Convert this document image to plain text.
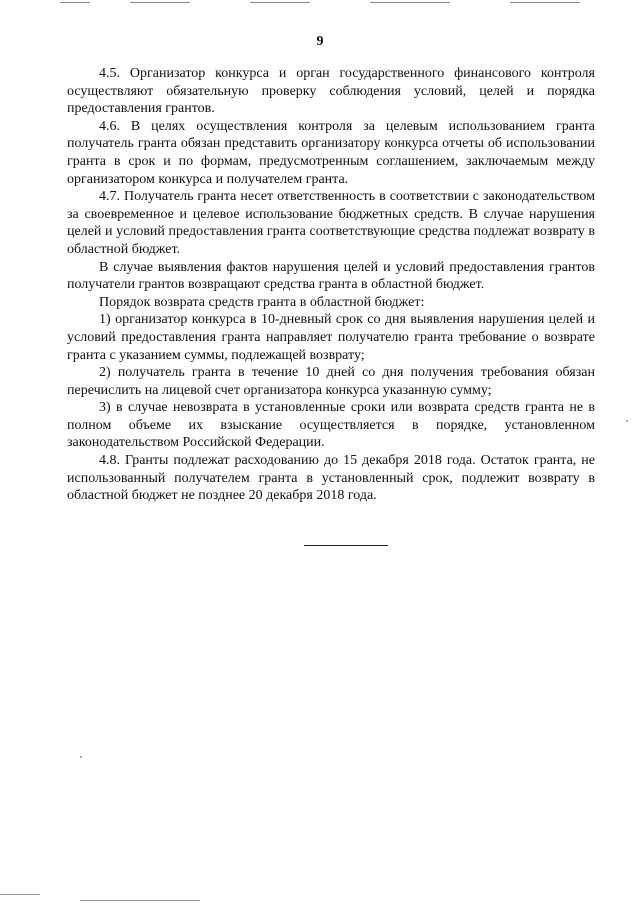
9

4.5. Организатор конкурса и орган государственного финансового контроля осуществляют обязательную проверку соблюдения условий, целей и порядка предоставления грантов.

4.6. В целях осуществления контроля за целевым использованием гранта получатель гранта обязан представить организатору конкурса отчеты об использовании гранта в срок и по формам, предусмотренным соглашением, заключаемым между организатором конкурса и получателем гранта.

4.7. Получатель гранта несет ответственность в соответствии с законодательством за своевременное и целевое использование бюджетных средств. В случае нарушения целей и условий предоставления гранта соответствующие средства подлежат возврату в областной бюджет.

В случае выявления фактов нарушения целей и условий предоставления грантов получатели грантов возвращают средства гранта в областной бюджет.

Порядок возврата средств гранта в областной бюджет:

1) организатор конкурса в 10-дневный срок со дня выявления нарушения целей и условий предоставления гранта направляет получателю гранта требование о возврате гранта с указанием суммы, подлежащей возврату;

2) получатель гранта в течение 10 дней со дня получения требования обязан перечислить на лицевой счет организатора конкурса указанную сумму;

3) в случае невозврата в установленные сроки или возврата средств гранта не в полном объеме их взыскание осуществляется в порядке, установленном законодательством Российской Федерации.

4.8. Гранты подлежат расходованию до 15 декабря 2018 года. Остаток гранта, не использованный получателем гранта в установленный срок, подлежит возврату в областной бюджет не позднее 20 декабря 2018 года.
